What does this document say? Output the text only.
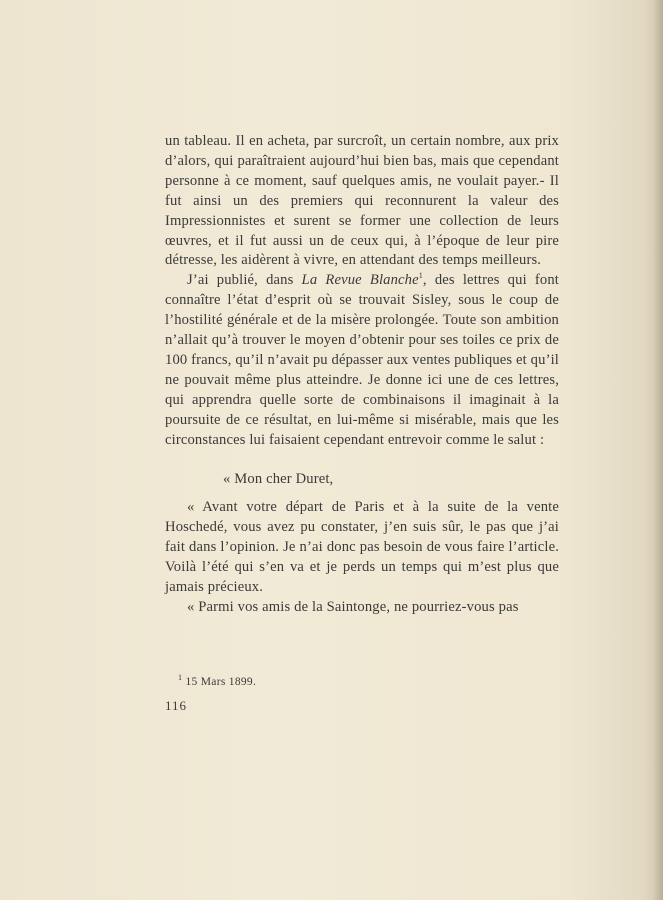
un tableau. Il en acheta, par surcroît, un certain nombre, aux prix d’alors, qui paraîtraient aujourd’hui bien bas, mais que cependant personne à ce moment, sauf quelques amis, ne voulait payer.- Il fut ainsi un des premiers qui reconnurent la valeur des Impressionnistes et surent se former une collection de leurs œuvres, et il fut aussi un de ceux qui, à l’époque de leur pire détresse, les aidèrent à vivre, en attendant des temps meilleurs.

J’ai publié, dans La Revue Blanche$^1$, des lettres qui font connaître l’état d’esprit où se trouvait Sisley, sous le coup de l’hostilité générale et de la misère prolongée. Toute son ambition n’allait qu’à trouver le moyen d’obtenir pour ses toiles ce prix de 100 francs, qu’il n’avait pu dépasser aux ventes publiques et qu’il ne pouvait même plus atteindre. Je donne ici une de ces lettres, qui apprendra quelle sorte de combinaisons il imaginait à la poursuite de ce résultat, en lui-même si misérable, mais que les circonstances lui faisaient cependant entrevoir comme le salut :

« Mon cher Duret,

« Avant votre départ de Paris et à la suite de la vente Hoschedé, vous avez pu constater, j’en suis sûr, le pas que j’ai fait dans l’opinion. Je n’ai donc pas besoin de vous faire l’article. Voilà l’été qui s’en va et je perds un temps qui m’est plus que jamais précieux.

« Parmi vos amis de la Saintonge, ne pourriez-vous pas

$^1$ 15 Mars 1899.
116
